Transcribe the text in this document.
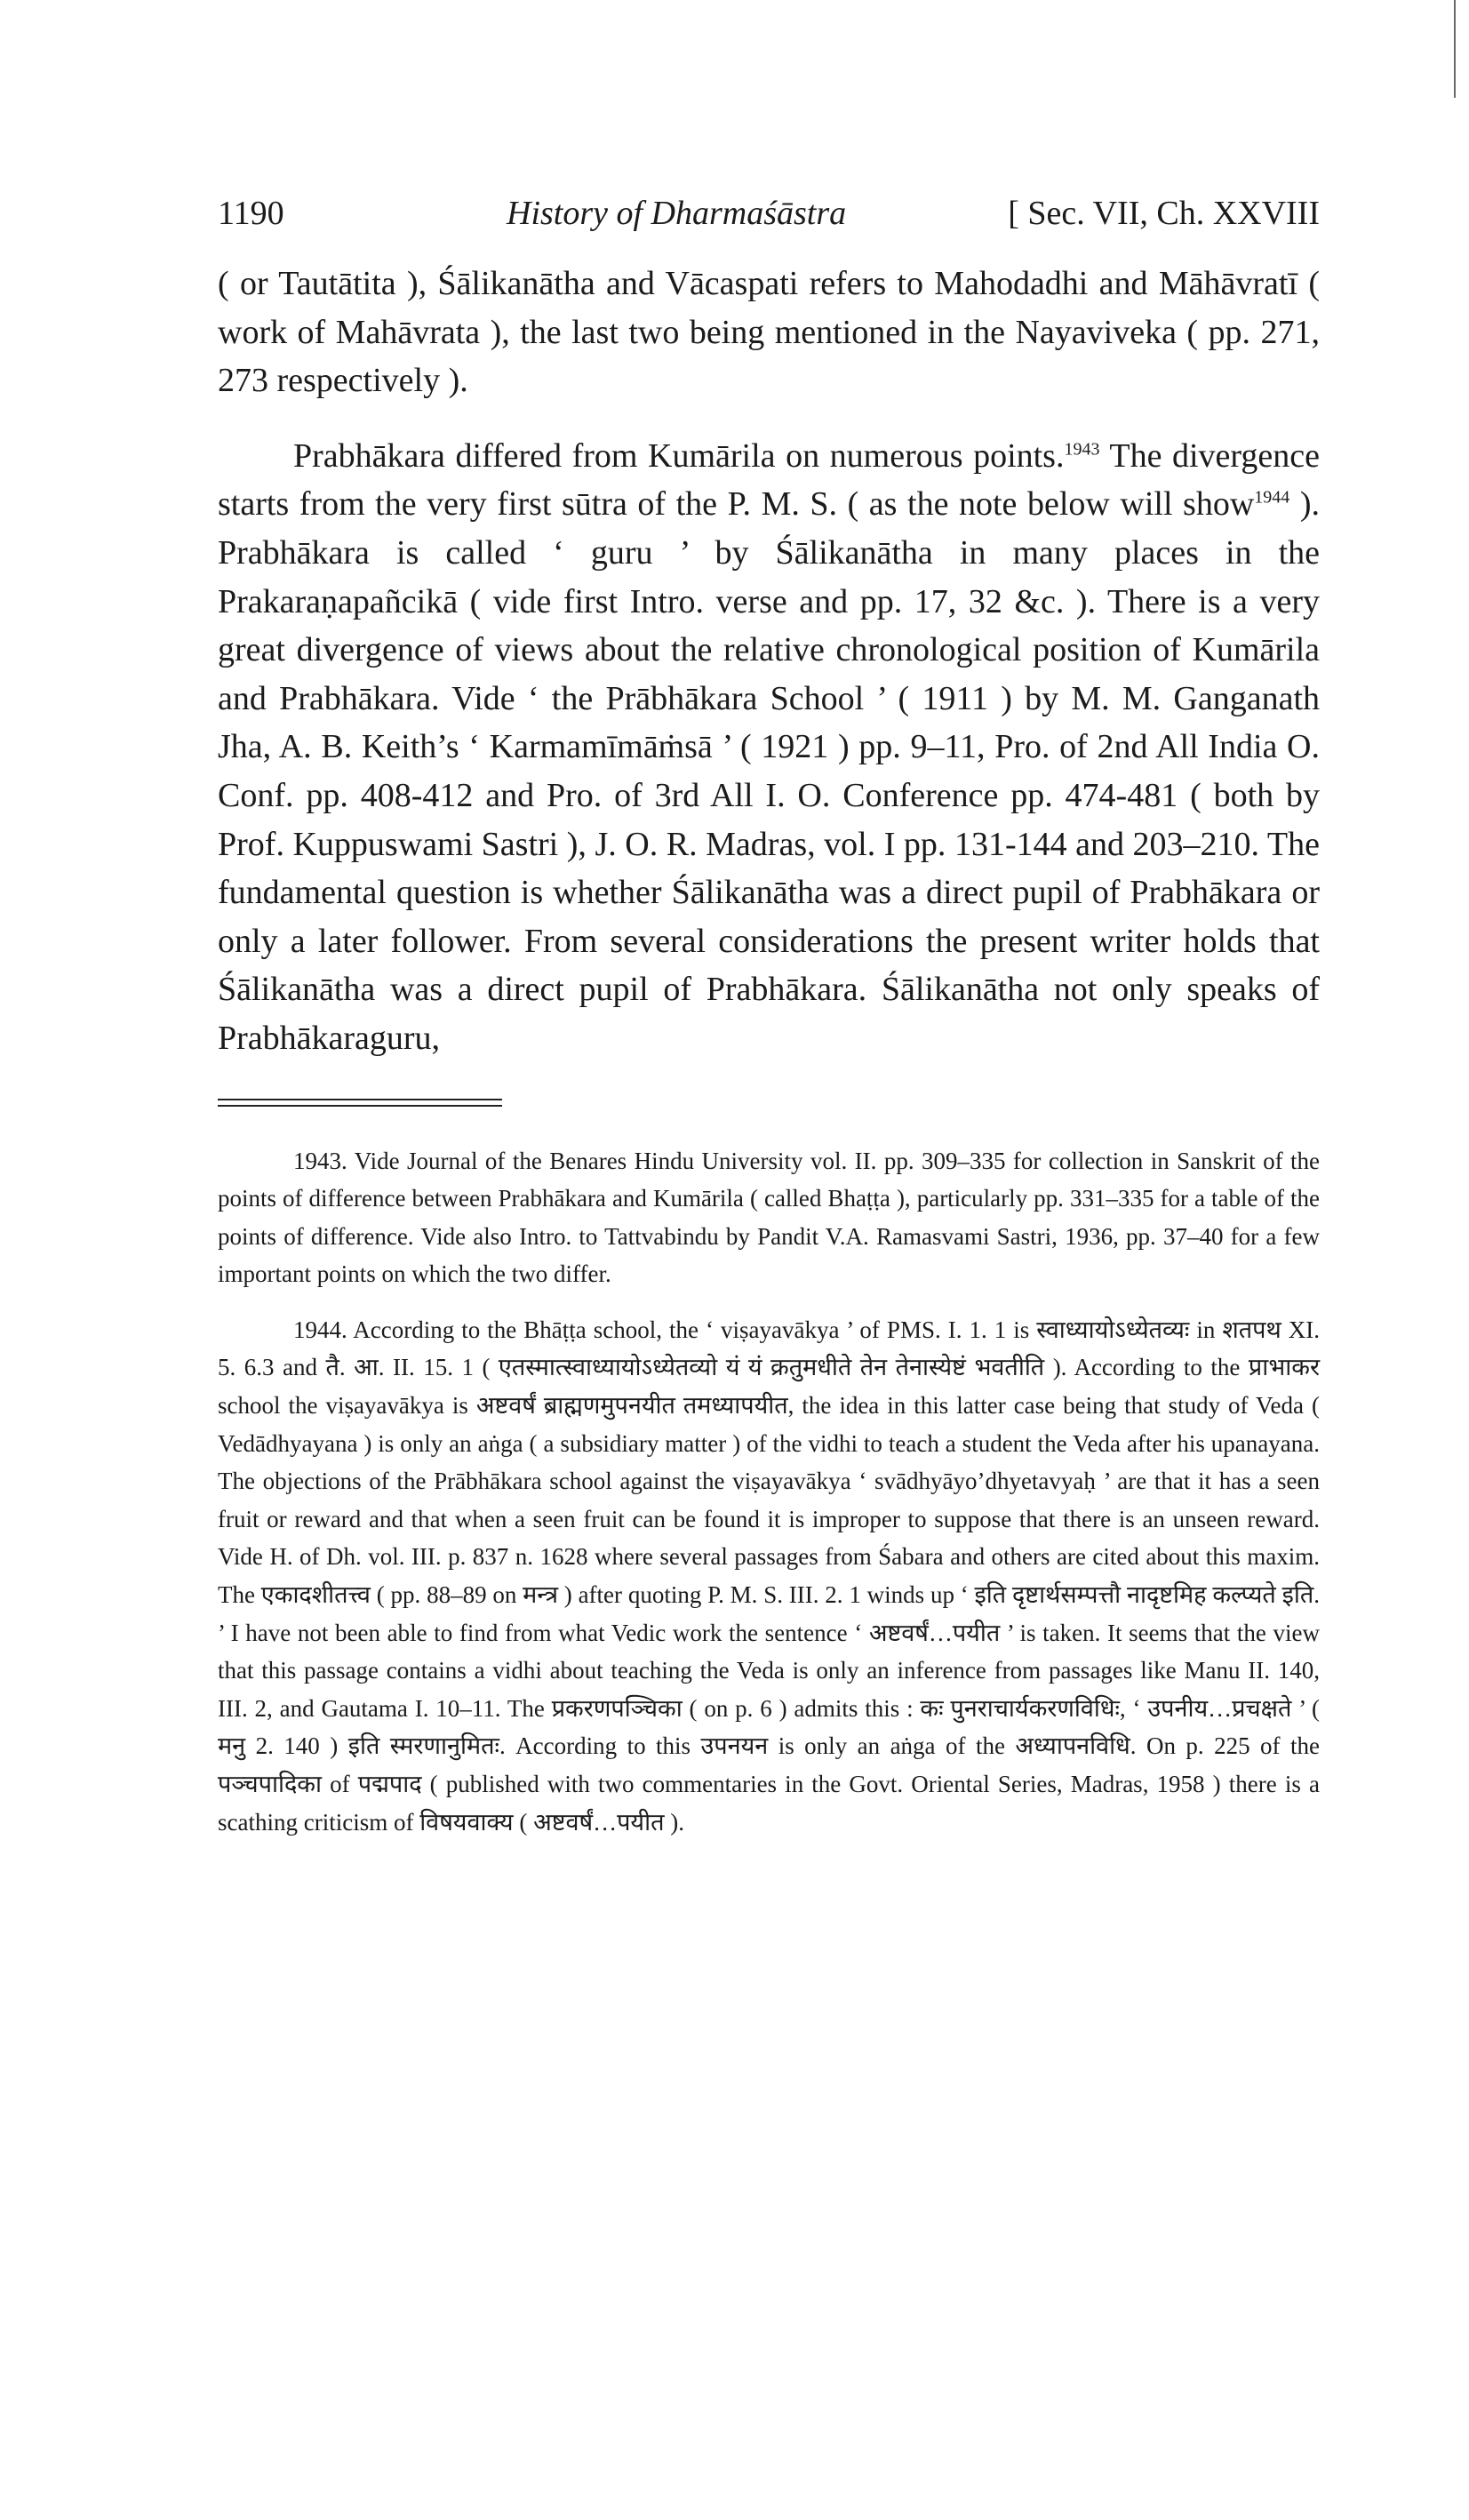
1190	History of Dharmaśāstra	[ Sec. VII, Ch. XXVIII

( or Tautātita ), Śālikanātha and Vācaspati refers to Mahodadhi and Māhāvratī ( work of Mahāvrata ), the last two being mentioned in the Nayaviveka ( pp. 271, 273 respectively ).

Prabhākara differed from Kumārila on numerous points.$^{1943}$ The divergence starts from the very first sūtra of the P. M. S. ( as the note below will show$^{1944}$ ). Prabhākara is called ‘ guru ’ by Śālikanātha in many places in the Prakaraṇapañcikā ( vide first Intro. verse and pp. 17, 32 &c. ). There is a very great divergence of views about the relative chronological position of Kumārila and Prabhākara. Vide ‘ the Prābhākara School ’ ( 1911 ) by M. M. Ganganath Jha, A. B. Keith’s ‘ Karmamīmāṁsā ’ ( 1921 ) pp. 9–11, Pro. of 2nd All India O. Conf. pp. 408-412 and Pro. of 3rd All I. O. Conference pp. 474-481 ( both by Prof. Kuppuswami Sastri ), J. O. R. Madras, vol. I pp. 131-144 and 203–210. The fundamental question is whether Śālikanātha was a direct pupil of Prabhākara or only a later follower. From several considerations the present writer holds that Śālikanātha was a direct pupil of Prabhākara. Śālikanātha not only speaks of Prabhākaraguru,

1943. Vide Journal of the Benares Hindu University vol. II. pp. 309–335 for collection in Sanskrit of the points of difference between Prabhākara and Kumārila ( called Bhaṭṭa ), particularly pp. 331–335 for a table of the points of difference. Vide also Intro. to Tattvabindu by Pandit V.A. Ramasvami Sastri, 1936, pp. 37–40 for a few important points on which the two differ.

1944. According to the Bhāṭṭa school, the ‘ viṣayavākya ’ of PMS. I. 1. 1 is स्वाध्यायोऽध्येतव्यः in शतपथ XI. 5. 6.3 and तै. आ. II. 15. 1 ( एतस्मात्स्वाध्यायोऽध्येतव्यो यं यं क्रतुमधीते तेन तेनास्येष्टं भवतीति ). According to the प्राभाकर school the viṣayavākya is अष्टवर्षं ब्राह्मणमुपनयीत तमध्यापयीत, the idea in this latter case being that study of Veda ( Vedādhyayana ) is only an aṅga ( a subsidiary matter ) of the vidhi to teach a student the Veda after his upanayana. The objections of the Prābhākara school against the viṣayavākya ‘ svādhyāyo’dhyetavyaḥ ’ are that it has a seen fruit or reward and that when a seen fruit can be found it is improper to suppose that there is an unseen reward. Vide H. of Dh. vol. III. p. 837 n. 1628 where several passages from Śabara and others are cited about this maxim. The एकादशीतत्त्व ( pp. 88–89 on मन्त्र ) after quoting P. M. S. III. 2. 1 winds up ‘ इति दृष्टार्थसम्पत्तौ नादृष्टमिह कल्प्यते इति. ’ I have not been able to find from what Vedic work the sentence ‘ अष्टवर्षं…पयीत ’ is taken. It seems that the view that this passage contains a vidhi about teaching the Veda is only an inference from passages like Manu II. 140, III. 2, and Gautama I. 10–11. The प्रकरणपञ्चिका ( on p. 6 ) admits this : कः पुनराचार्यकरणविधिः, ‘ उपनीय…प्रचक्षते ’ ( मनु 2. 140 ) इति स्मरणानुमितः. According to this उपनयन is only an aṅga of the अध्यापनविधि. On p. 225 of the पञ्चपादिका of पद्मपाद ( published with two commentaries in the Govt. Oriental Series, Madras, 1958 ) there is a scathing criticism of विषयवाक्य ( अष्टवर्षं…पयीत ).
